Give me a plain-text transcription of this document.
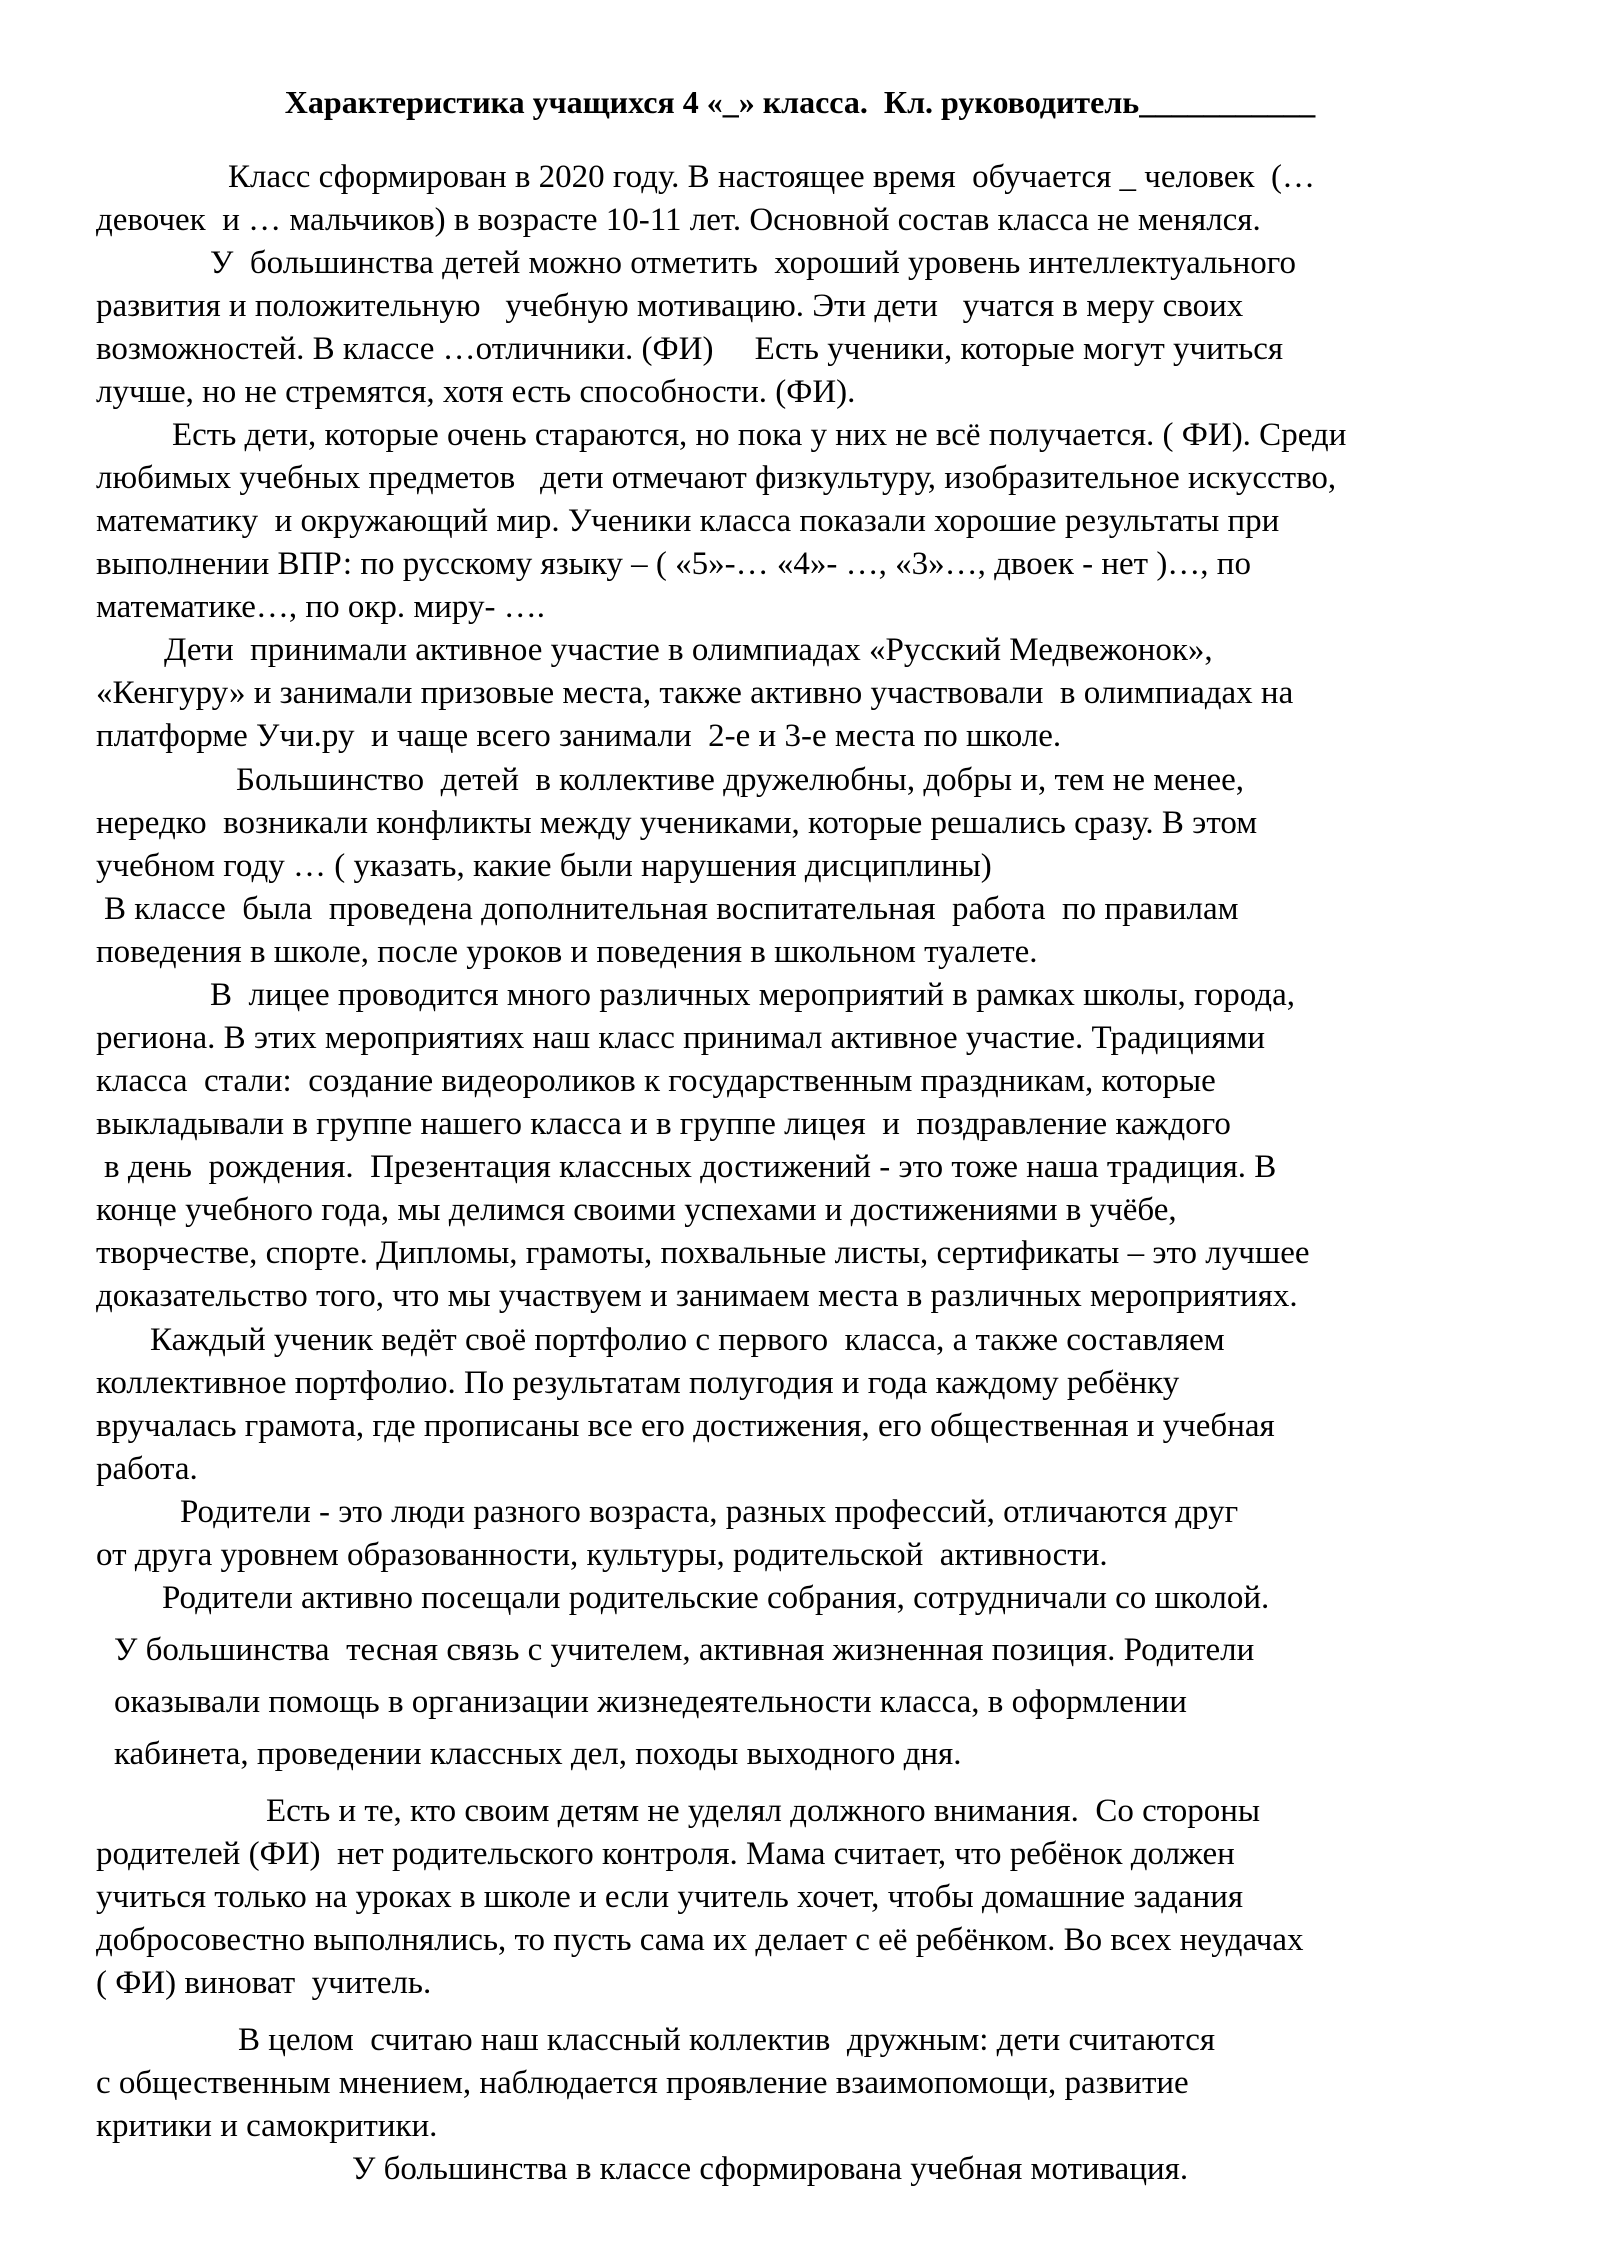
Характеристика учащихся 4 «_» класса.  Кл. руководитель___________

Класс сформирован в 2020 году. В настоящее время  обучается _ человек  (…

девочек  и … мальчиков) в возрасте 10-11 лет. Основной состав класса не менялся.

У  большинства детей можно отметить  хороший уровень интеллектуального

развития и положительную   учебную мотивацию. Эти дети   учатся в меру своих

возможностей. В классе …отличники. (ФИ)     Есть ученики, которые могут учиться

лучше, но не стремятся, хотя есть способности. (ФИ).

Есть дети, которые очень стараются, но пока у них не всё получается. ( ФИ). Среди

любимых учебных предметов   дети отмечают физкультуру, изобразительное искусство,

математику  и окружающий мир. Ученики класса показали хорошие результаты при

выполнении ВПР: по русскому языку – ( «5»-… «4»- …, «3»…, двоек - нет )…, по

математике…, по окр. миру- ….

Дети  принимали активное участие в олимпиадах «Русский Медвежонок»,

«Кенгуру» и занимали призовые места, также активно участвовали  в олимпиадах на

платформе Учи.ру  и чаще всего занимали  2-е и 3-е места по школе.

Большинство  детей  в коллективе дружелюбны, добры и, тем не менее,

нередко  возникали конфликты между учениками, которые решались сразу. В этом

учебном году … ( указать, какие были нарушения дисциплины)

В классе  была  проведена дополнительная воспитательная  работа  по правилам

поведения в школе, после уроков и поведения в школьном туалете.

В  лицее проводится много различных мероприятий в рамках школы, города,

региона. В этих мероприятиях наш класс принимал активное участие. Традициями

класса  стали:  создание видеороликов к государственным праздникам, которые

выкладывали в группе нашего класса и в группе лицея  и  поздравление каждого

в день  рождения.  Презентация классных достижений - это тоже наша традиция. В

конце учебного года, мы делимся своими успехами и достижениями в учёбе,

творчестве, спорте. Дипломы, грамоты, похвальные листы, сертификаты – это лучшее

доказательство того, что мы участвуем и занимаем места в различных мероприятиях.

Каждый ученик ведёт своё портфолио с первого  класса, а также составляем

коллективное портфолио. По результатам полугодия и года каждому ребёнку

вручалась грамота, где прописаны все его достижения, его общественная и учебная

работа.

Родители - это люди разного возраста, разных профессий, отличаются друг

от друга уровнем образованности, культуры, родительской  активности.

Родители активно посещали родительские собрания, сотрудничали со школой.

У большинства  тесная связь с учителем, активная жизненная позиция. Родители

оказывали помощь в организации жизнедеятельности класса, в оформлении

кабинета, проведении классных дел, походы выходного дня.

Есть и те, кто своим детям не уделял должного внимания.  Со стороны

родителей (ФИ)  нет родительского контроля. Мама считает, что ребёнок должен

учиться только на уроках в школе и если учитель хочет, чтобы домашние задания

добросовестно выполнялись, то пусть сама их делает с её ребёнком. Во всех неудачах

( ФИ) виноват  учитель.

В целом  считаю наш классный коллектив  дружным: дети считаются

с общественным мнением, наблюдается проявление взаимопомощи, развитие

критики и самокритики.

У большинства в классе сформирована учебная мотивация.
